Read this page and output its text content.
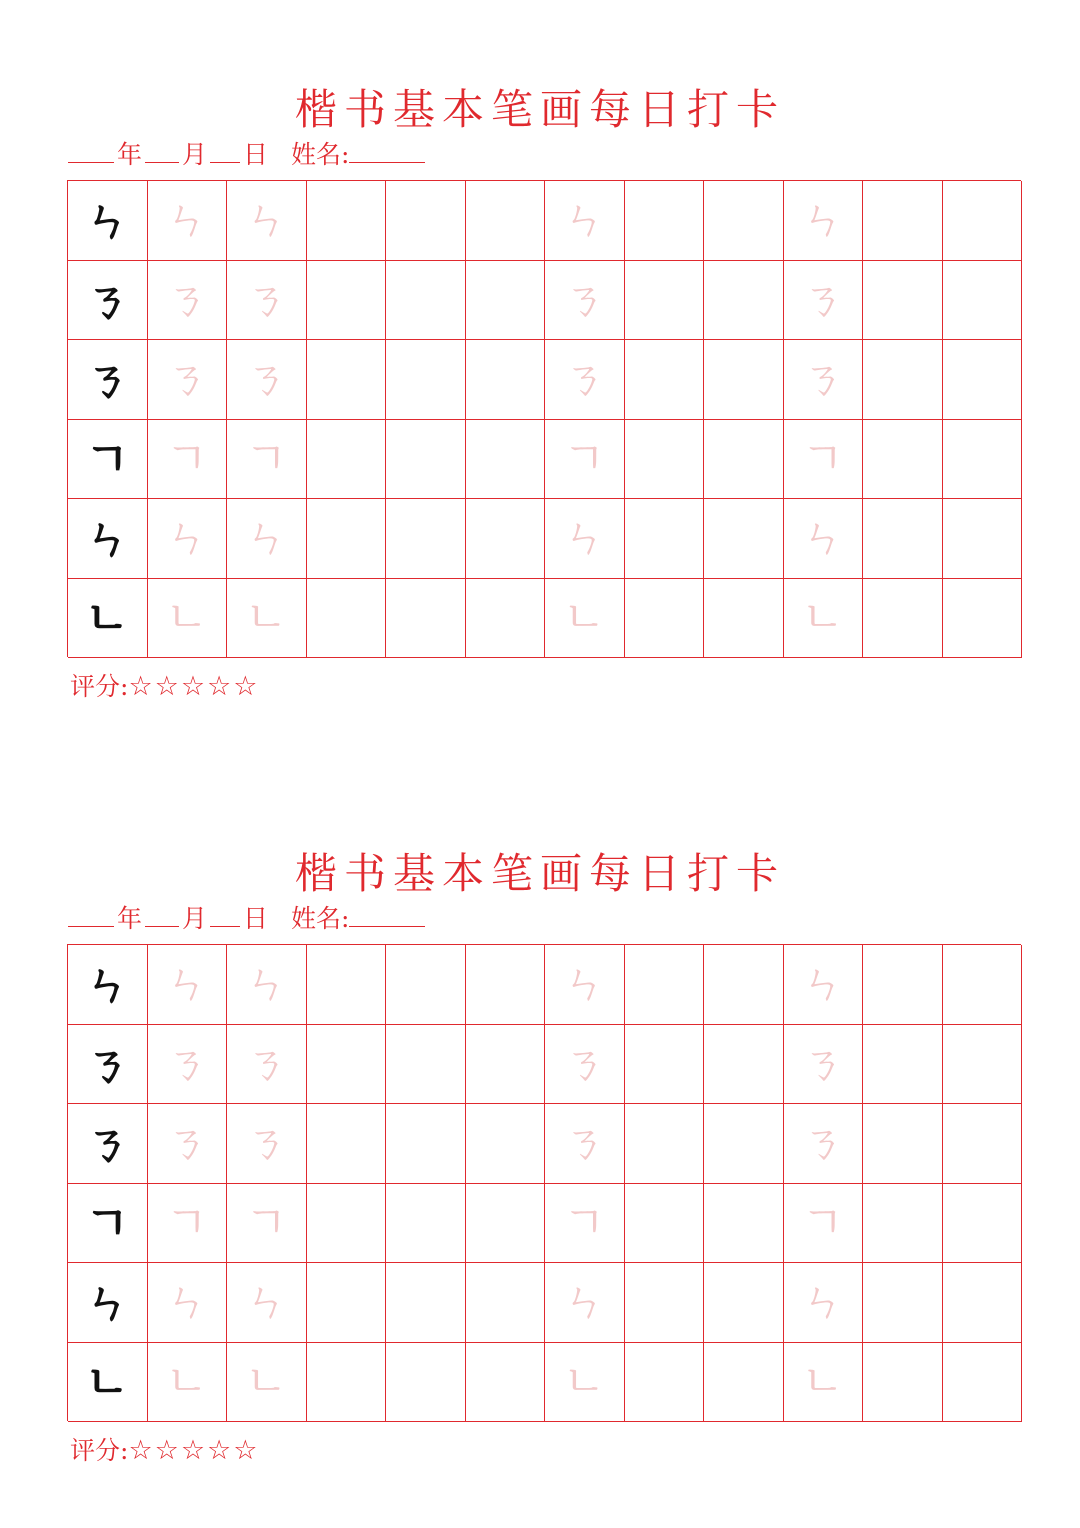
楷书基本笔画每日打卡
年 月 日 姓名:
ㄣ ㄣ ㄣ	ㄣ	ㄣ
ㄋ ㄋ ㄋ	ㄋ	ㄋ
ㄋ ㄋ ㄋ	ㄋ	ㄋ
ㄱ ㄱ ㄱ	ㄱ	ㄱ
ㄣ ㄣ ㄣ	ㄣ	ㄣ
ㄴ ㄴ ㄴ	ㄴ	ㄴ
评分:☆☆☆☆☆
楷书基本笔画每日打卡
年 月 日 姓名:
ㄣ ㄣ ㄣ	ㄣ	ㄣ
ㄋ ㄋ ㄋ	ㄋ	ㄋ
ㄋ ㄋ ㄋ	ㄋ	ㄋ
ㄱ ㄱ ㄱ	ㄱ	ㄱ
ㄣ ㄣ ㄣ	ㄣ	ㄣ
ㄴ ㄴ ㄴ	ㄴ	ㄴ
评分:☆☆☆☆☆
